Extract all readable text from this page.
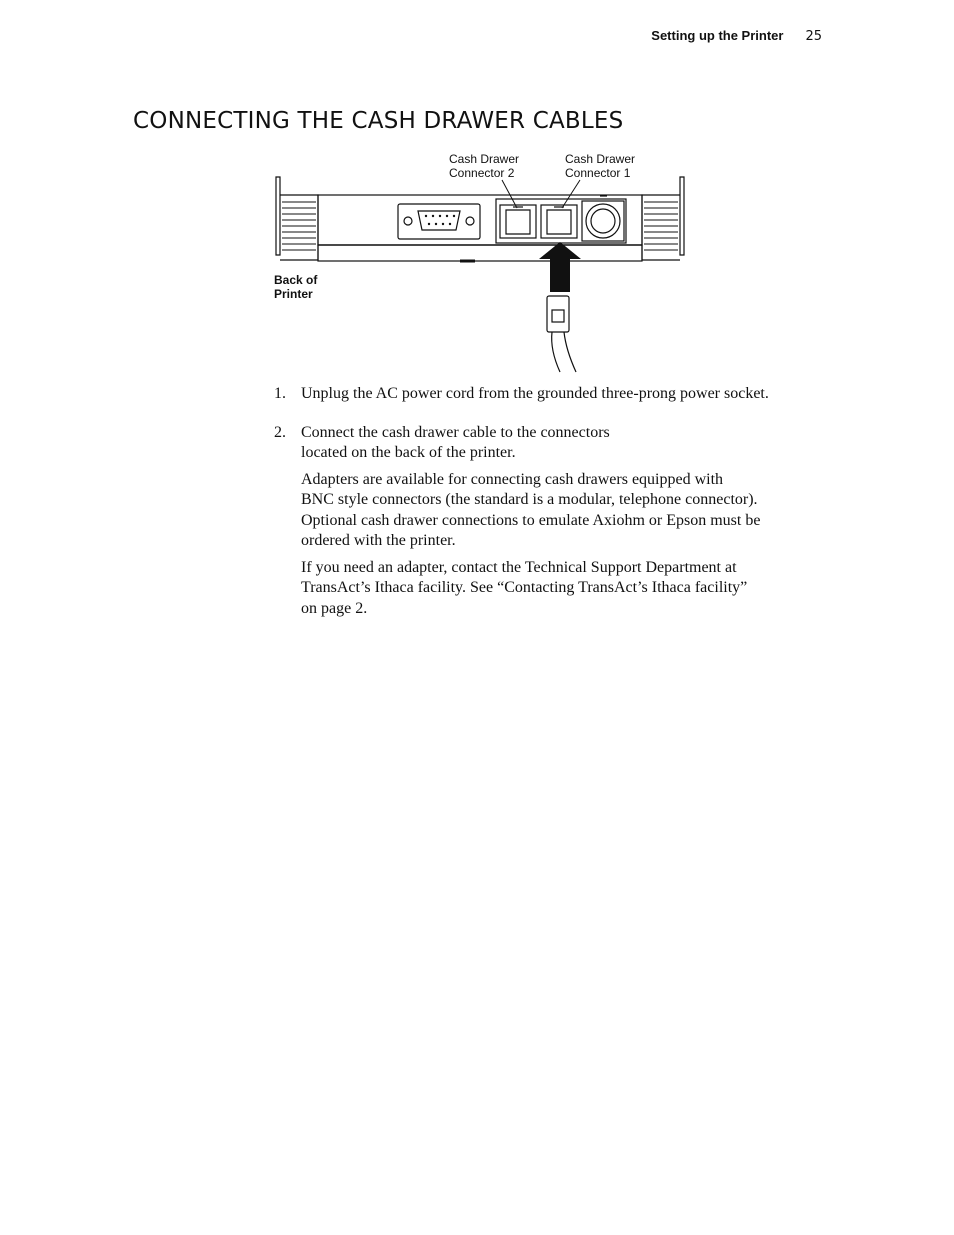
Setting up the Printer 25
CONNECTING THE CASH DRAWER CABLES
Cash Drawer
Connector 2
Cash Drawer
Connector 1
Back of
Printer
1. Unplug the AC power cord from the grounded three-prong power socket.

2. Connect the cash drawer cable to the connectors
located on the back of the printer.

Adapters are available for connecting cash drawers equipped with
BNC style connectors (the standard is a modular, telephone connector).
Optional cash drawer connections to emulate Axiohm or Epson must be
ordered with the printer.

If you need an adapter, contact the Technical Support Department at
TransAct’s Ithaca facility. See “Contacting TransAct’s Ithaca facility”
on page 2.
